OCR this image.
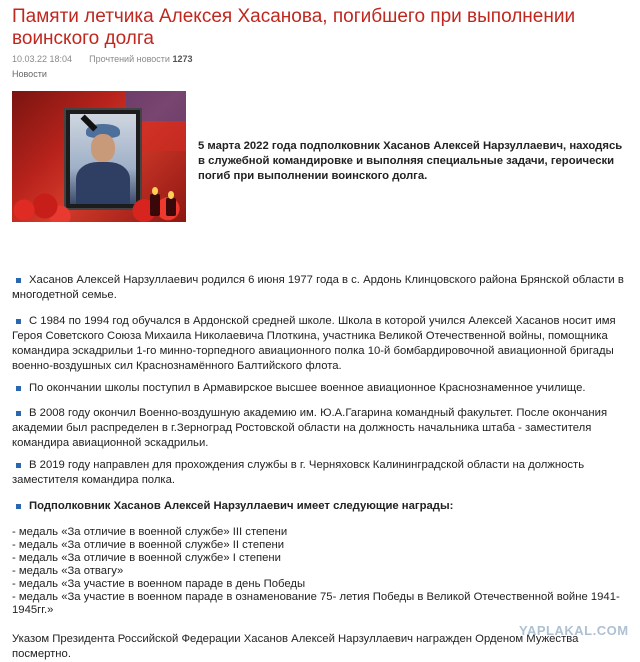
Памяти летчика Алексея Хасанова, погибшего при выполнении воинского долга
10.03.22 18:04 Прочтений новости 1273
Новости
5 марта 2022 года подполковник Хасанов Алексей Нарзуллаевич, находясь в служебной командировке и выполняя специальные задачи, героически погиб при выполнении воинского долга.
Хасанов Алексей Нарзуллаевич родился 6 июня 1977 года в с. Ардонь Клинцовского района Брянской области в многодетной семье.
С 1984 по 1994 год обучался в Ардонской средней школе. Школа в которой учился Алексей Хасанов носит имя Героя Советского Союза Михаила Николаевича Плоткина, участника Великой Отечественной войны, помощника командира эскадрильи 1-го минно-торпедного авиационного полка 10-й бомбардировочной авиационной бригады военно-воздушных сил Краснознамённого Балтийского флота.
По окончании школы поступил в Армавирское высшее военное авиационное Краснознаменное училище.
В 2008 году окончил Военно-воздушную академию им. Ю.А.Гагарина командный факультет. После окончания академии был распределен в г.Зерноград Ростовской области на должность начальника штаба - заместителя командира авиационной эскадрильи.
В 2019 году направлен для прохождения службы в г. Черняховск Калининградской области на должность заместителя командира полка.
Подполковник Хасанов Алексей Нарзуллаевич имеет следующие награды:
- медаль «За отличие в военной службе» III степени
- медаль «За отличие в военной службе» II степени
- медаль «За отличие в военной службе» I степени
- медаль «За отвагу»
- медаль «За участие в военном параде в день Победы
- медаль «За участие в военном параде в ознаменование 75- летия Победы в Великой Отечественной войне 1941-1945гг.»
Указом Президента Российской Федерации Хасанов Алексей Нарзуллаевич награжден Орденом Мужества посмертно.
YAPLAKAL.COM
